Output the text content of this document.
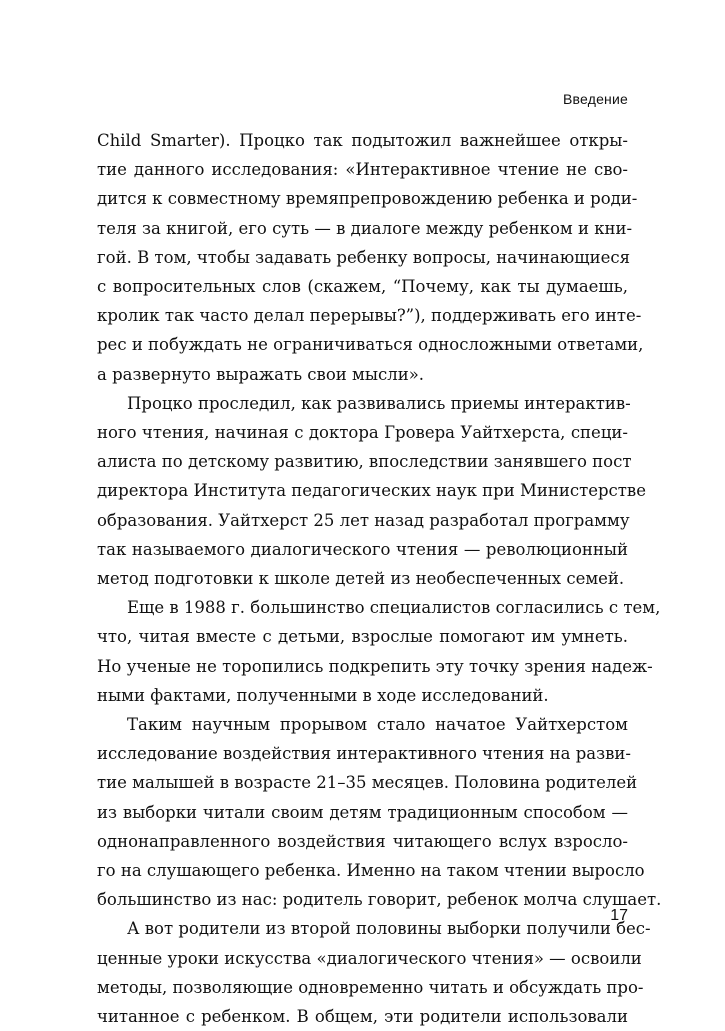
Введение

Child Smarter). Процко так подытожил важнейшее откры-
тие данного исследования: «Интерактивное чтение не сво-
дится к совместному времяпрепровождению ребенка и роди-
теля за книгой, его суть — в диалоге между ребенком и кни-
гой. В том, чтобы задавать ребенку вопросы, начинающиеся
с вопросительных слов (скажем, “Почему, как ты думаешь,
кролик так часто делал перерывы?”), поддерживать его инте-
рес и побуждать не ограничиваться односложными ответами,
а развернуто выражать свои мысли».

Процко проследил, как развивались приемы интерактив-
ного чтения, начиная с доктора Гровера Уайтхерста, специ-
алиста по детскому развитию, впоследствии занявшего пост
директора Института педагогических наук при Министерстве
образования. Уайтхерст 25 лет назад разработал программу
так называемого диалогического чтения — революционный
метод подготовки к школе детей из необеспеченных семей.

Еще в 1988 г. большинство специалистов согласились с тем,
что, читая вместе с детьми, взрослые помогают им умнеть.
Но ученые не торопились подкрепить эту точку зрения надеж-
ными фактами, полученными в ходе исследований.

Таким научным прорывом стало начатое Уайтхерстом
исследование воздействия интерактивного чтения на разви-
тие малышей в возрасте 21–35 месяцев. Половина родителей
из выборки читали своим детям традиционным способом —
однонаправленного воздействия читающего вслух взросло-
го на слушающего ребенка. Именно на таком чтении выросло
большинство из нас: родитель говорит, ребенок молча слушает.

А вот родители из второй половины выборки получили бес-
ценные уроки искусства «диалогического чтения» — освоили
методы, позволяющие одновременно читать и обсуждать про-
читанное с ребенком. В общем, эти родители использовали

17
